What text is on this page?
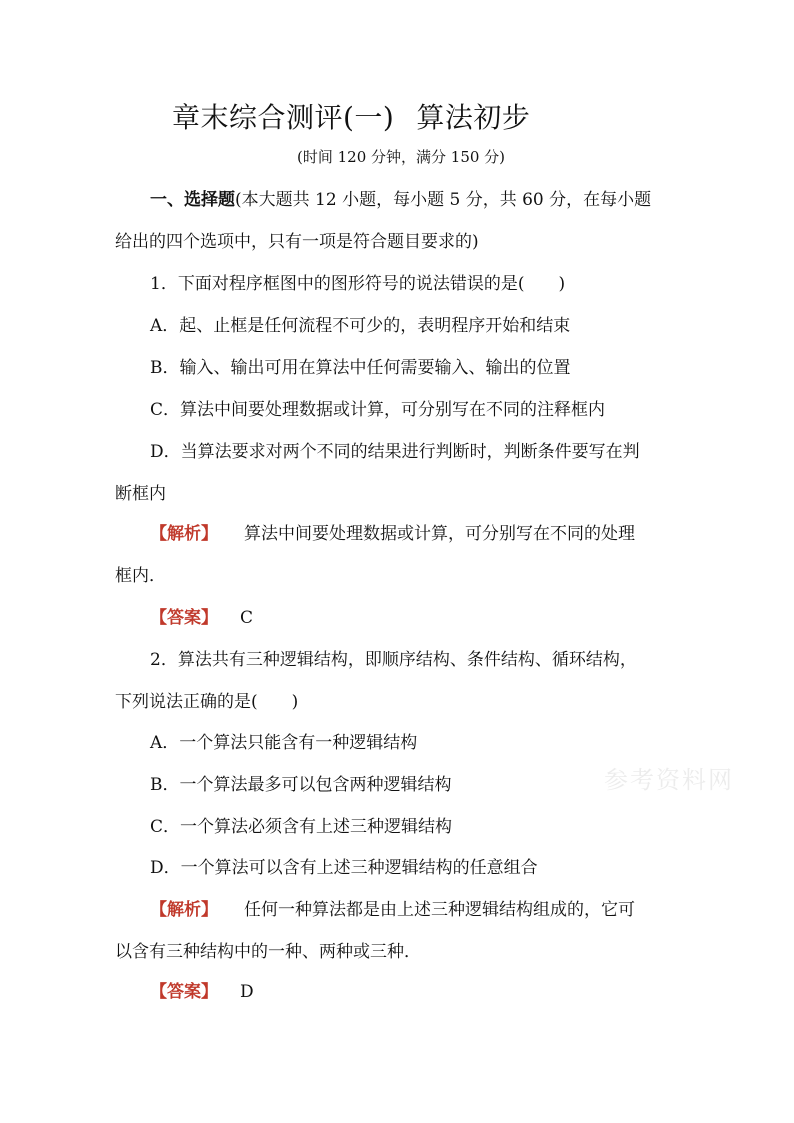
章末综合测评(一) 算法初步
(时间 120 分钟，满分 150 分)
一、选择题(本大题共 12 小题，每小题 5 分，共 60 分，在每小题
给出的四个选项中，只有一项是符合题目要求的)
1．下面对程序框图中的图形符号的说法错误的是(　　)
A．起、止框是任何流程不可少的，表明程序开始和结束
B．输入、输出可用在算法中任何需要输入、输出的位置
C．算法中间要处理数据或计算，可分别写在不同的注释框内
D．当算法要求对两个不同的结果进行判断时，判断条件要写在判
断框内
【解析】 算法中间要处理数据或计算，可分别写在不同的处理
框内．
【答案】 C
2．算法共有三种逻辑结构，即顺序结构、条件结构、循环结构，
下列说法正确的是(　　)
A．一个算法只能含有一种逻辑结构
B．一个算法最多可以包含两种逻辑结构
C．一个算法必须含有上述三种逻辑结构
D．一个算法可以含有上述三种逻辑结构的任意组合
【解析】 任何一种算法都是由上述三种逻辑结构组成的，它可
以含有三种结构中的一种、两种或三种．
【答案】 D
参考资料网
